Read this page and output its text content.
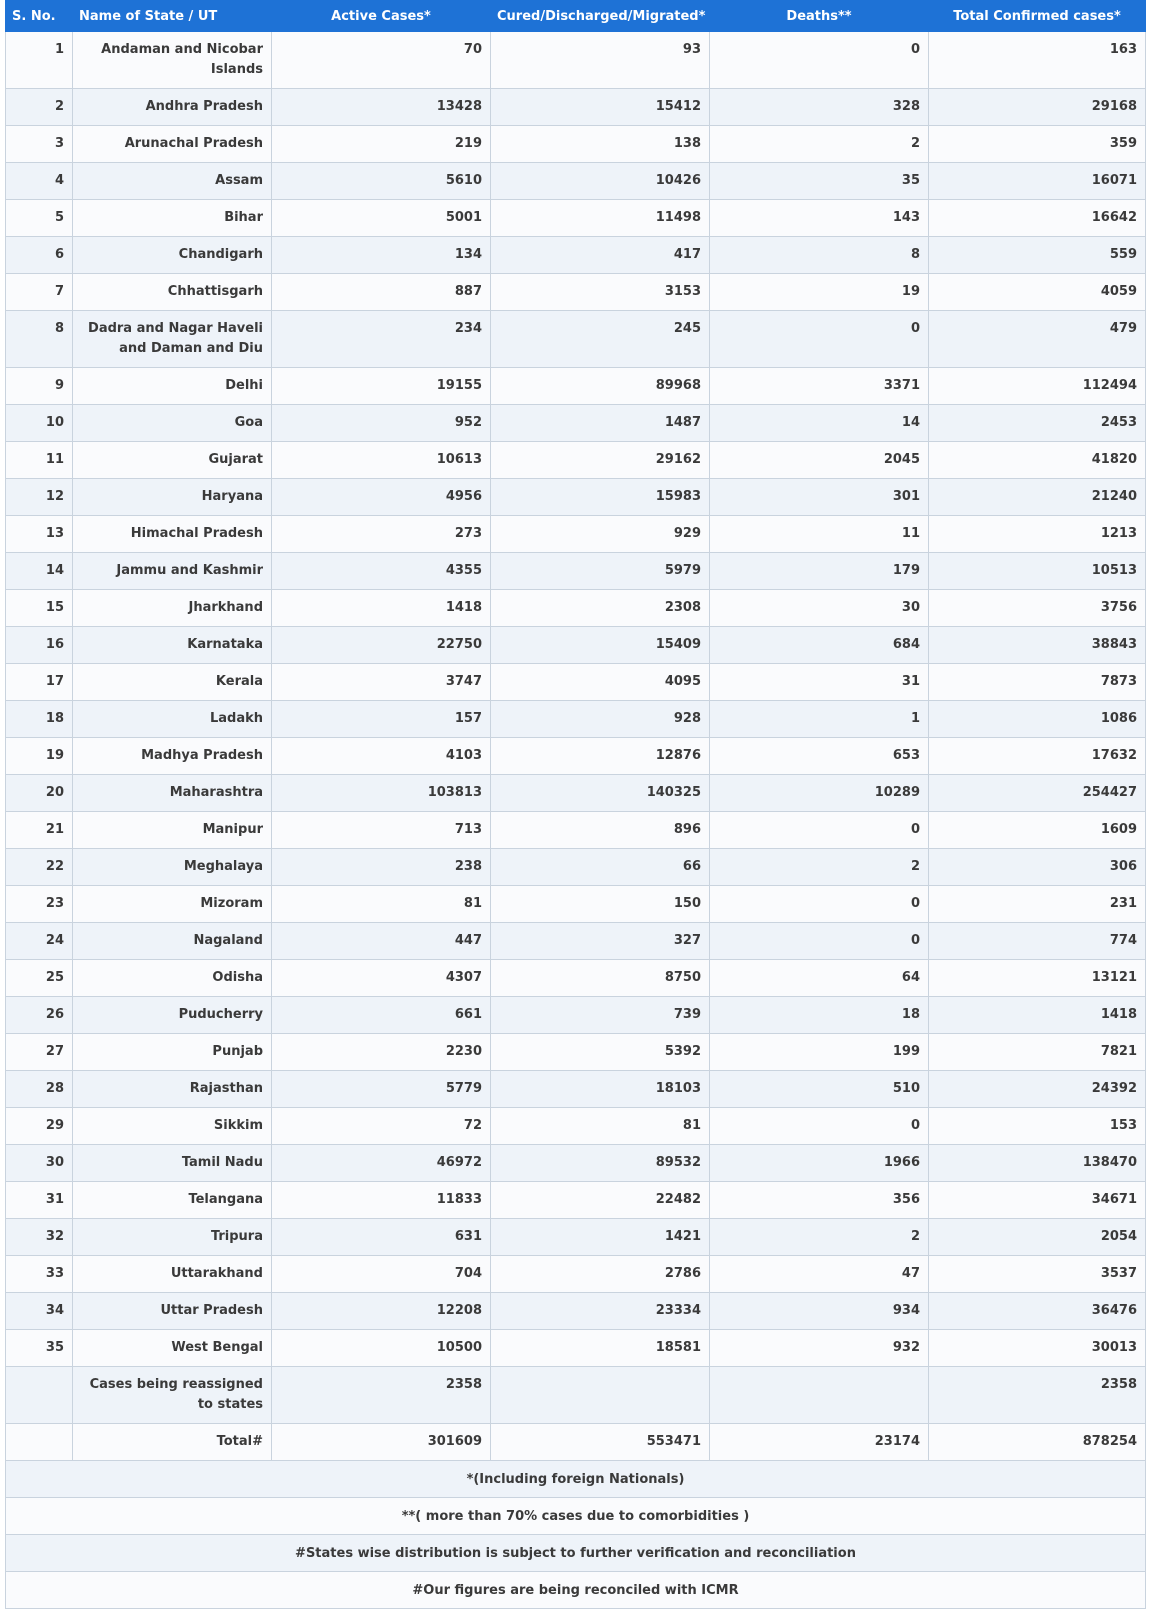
S. No.	Name of State / UT	Active Cases*	Cured/Discharged/Migrated*	Deaths**	Total Confirmed cases*
1	Andaman and Nicobar Islands	70	93	0	163
2	Andhra Pradesh	13428	15412	328	29168
3	Arunachal Pradesh	219	138	2	359
4	Assam	5610	10426	35	16071
5	Bihar	5001	11498	143	16642
6	Chandigarh	134	417	8	559
7	Chhattisgarh	887	3153	19	4059
8	Dadra and Nagar Haveli and Daman and Diu	234	245	0	479
9	Delhi	19155	89968	3371	112494
10	Goa	952	1487	14	2453
11	Gujarat	10613	29162	2045	41820
12	Haryana	4956	15983	301	21240
13	Himachal Pradesh	273	929	11	1213
14	Jammu and Kashmir	4355	5979	179	10513
15	Jharkhand	1418	2308	30	3756
16	Karnataka	22750	15409	684	38843
17	Kerala	3747	4095	31	7873
18	Ladakh	157	928	1	1086
19	Madhya Pradesh	4103	12876	653	17632
20	Maharashtra	103813	140325	10289	254427
21	Manipur	713	896	0	1609
22	Meghalaya	238	66	2	306
23	Mizoram	81	150	0	231
24	Nagaland	447	327	0	774
25	Odisha	4307	8750	64	13121
26	Puducherry	661	739	18	1418
27	Punjab	2230	5392	199	7821
28	Rajasthan	5779	18103	510	24392
29	Sikkim	72	81	0	153
30	Tamil Nadu	46972	89532	1966	138470
31	Telangana	11833	22482	356	34671
32	Tripura	631	1421	2	2054
33	Uttarakhand	704	2786	47	3537
34	Uttar Pradesh	12208	23334	934	36476
35	West Bengal	10500	18581	932	30013
	Cases being reassigned to states	2358			2358
	Total#	301609	553471	23174	878254
*(Including foreign Nationals)					
**( more than 70% cases due to comorbidities )					
#States wise distribution is subject to further verification and reconciliation					
#Our figures are being reconciled with ICMR					
